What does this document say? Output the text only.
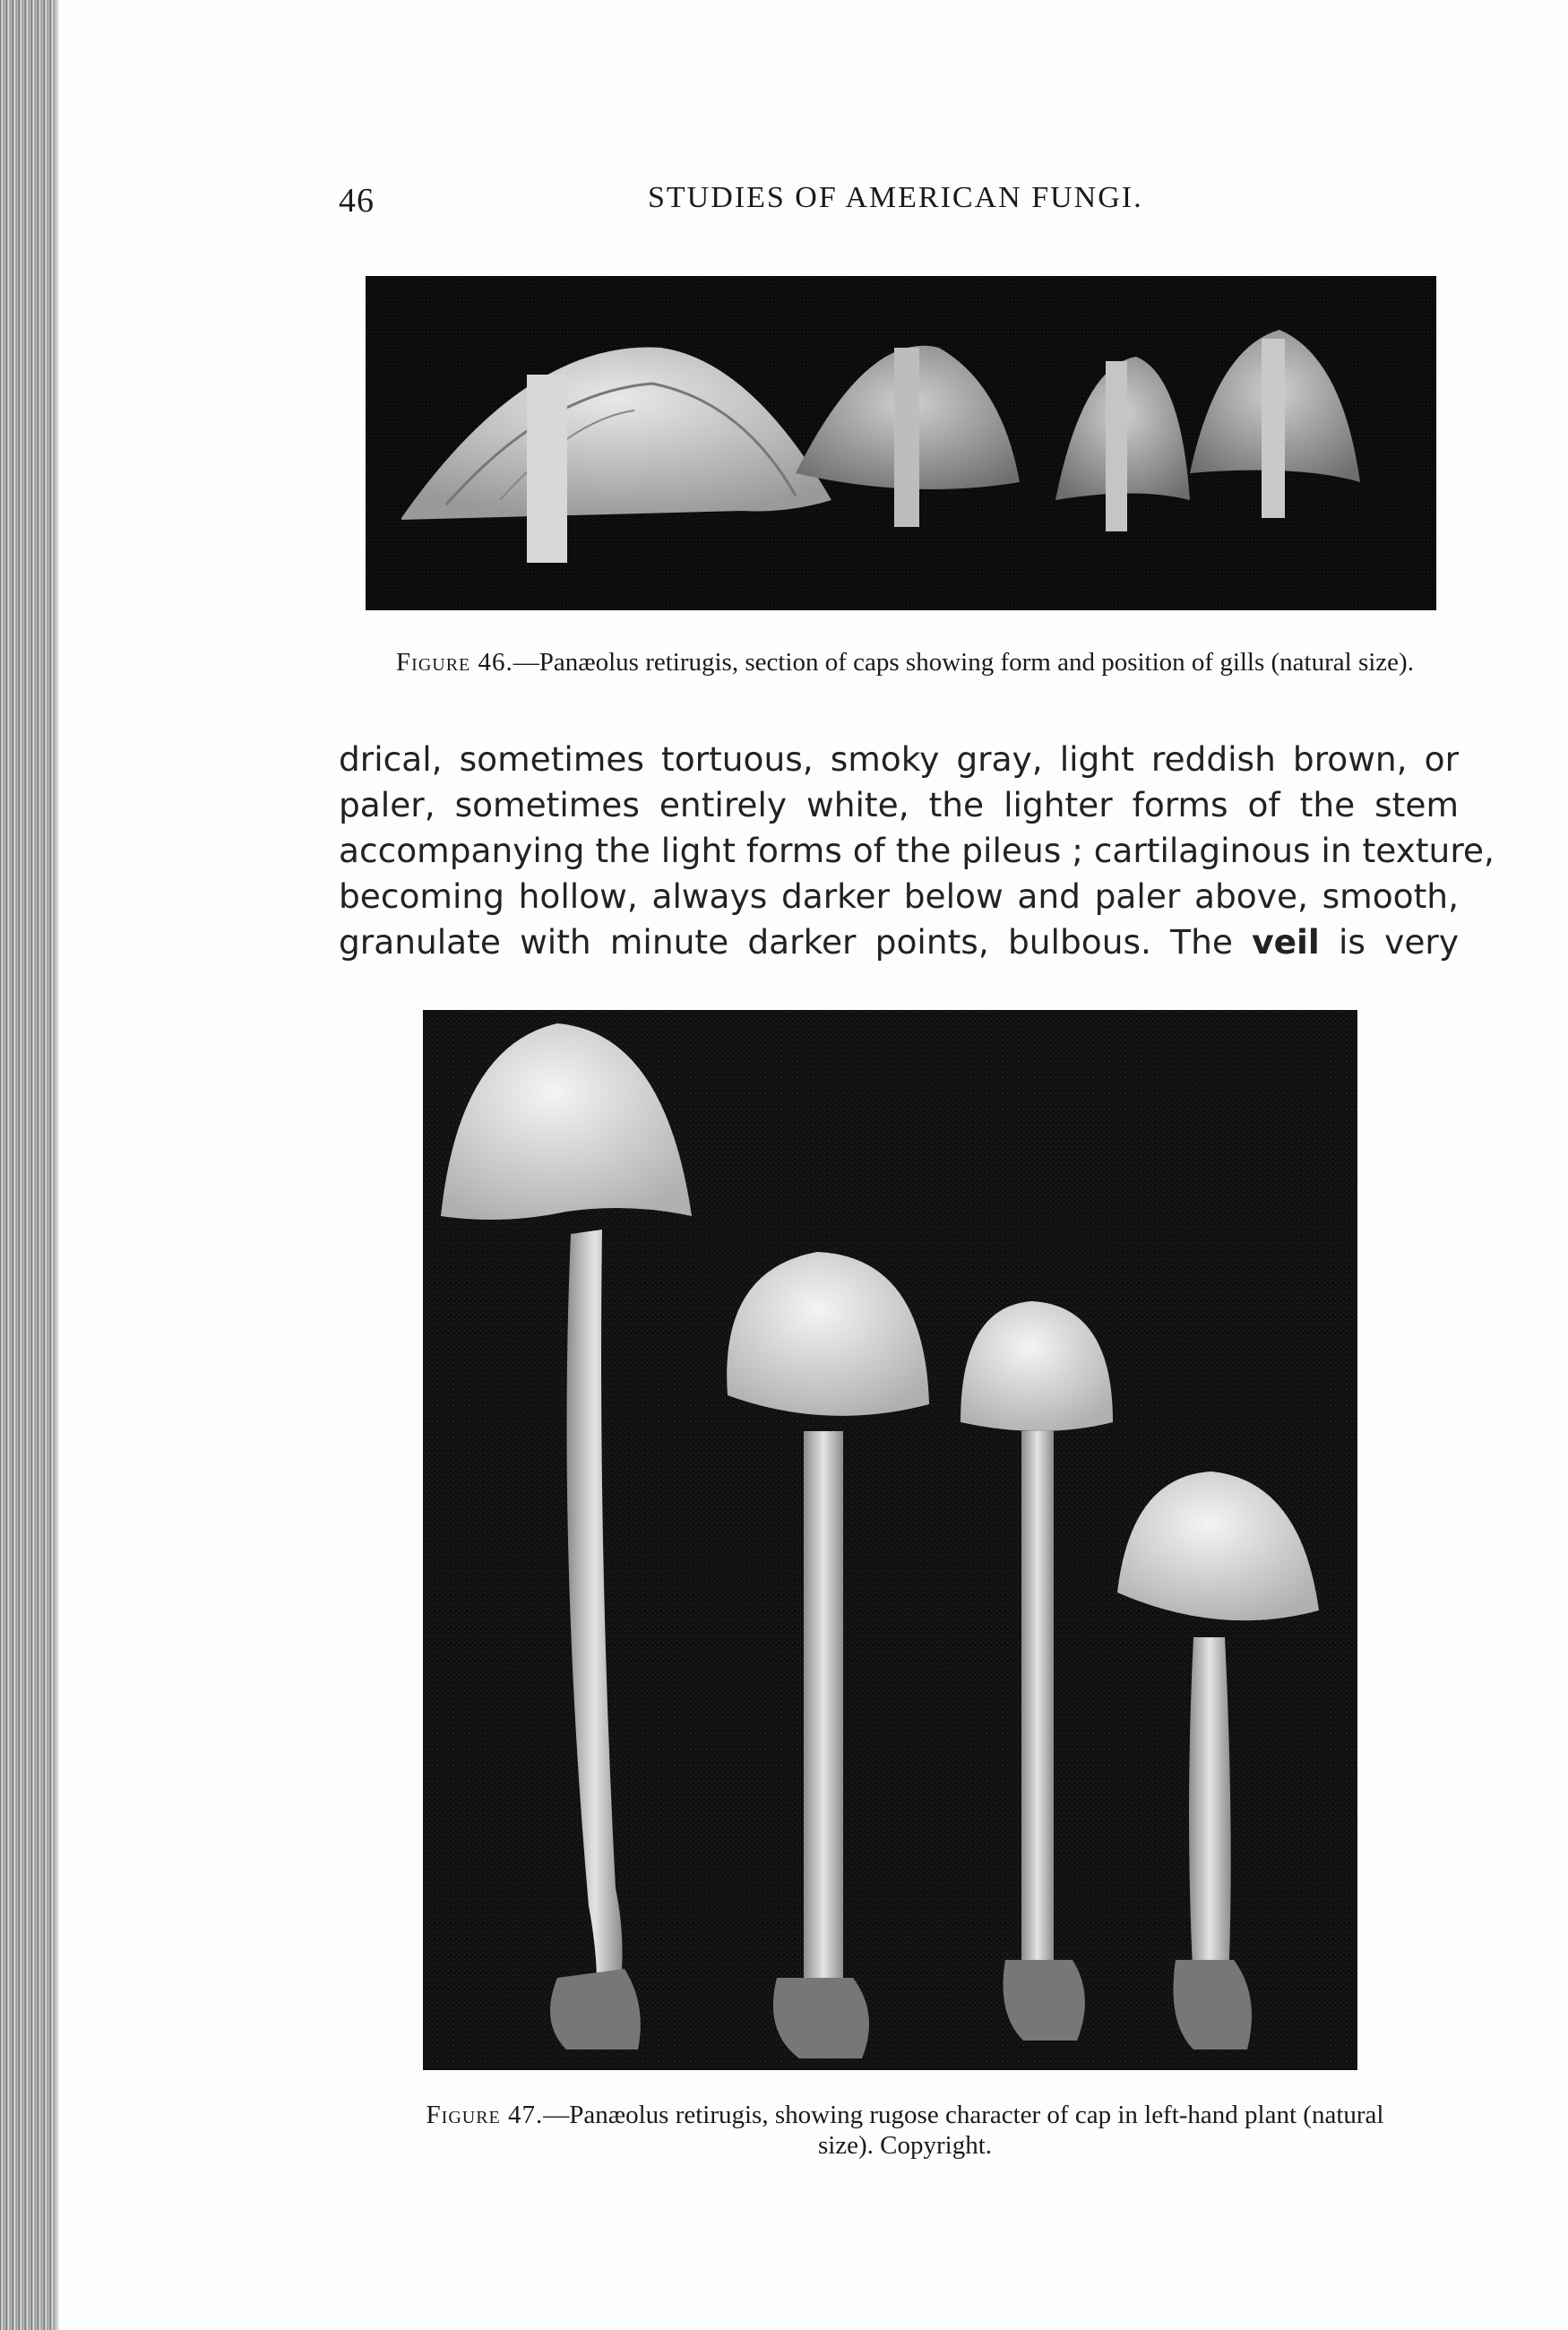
46	STUDIES OF AMERICAN FUNGI.
Figure 46.—Panæolus retirugis, section of caps showing form and position of gills (natural size).
drical, sometimes tortuous, smoky gray, light reddish brown, or
paler, sometimes entirely white, the lighter forms of the stem
accompanying the light forms of the pileus ; cartilaginous in texture,
becoming hollow, always darker below and paler above, smooth,
granulate with minute darker points, bulbous. The veil is very
Figure 47.—Panæolus retirugis, showing rugose character of cap in left-hand plant (natural size). Copyright.
